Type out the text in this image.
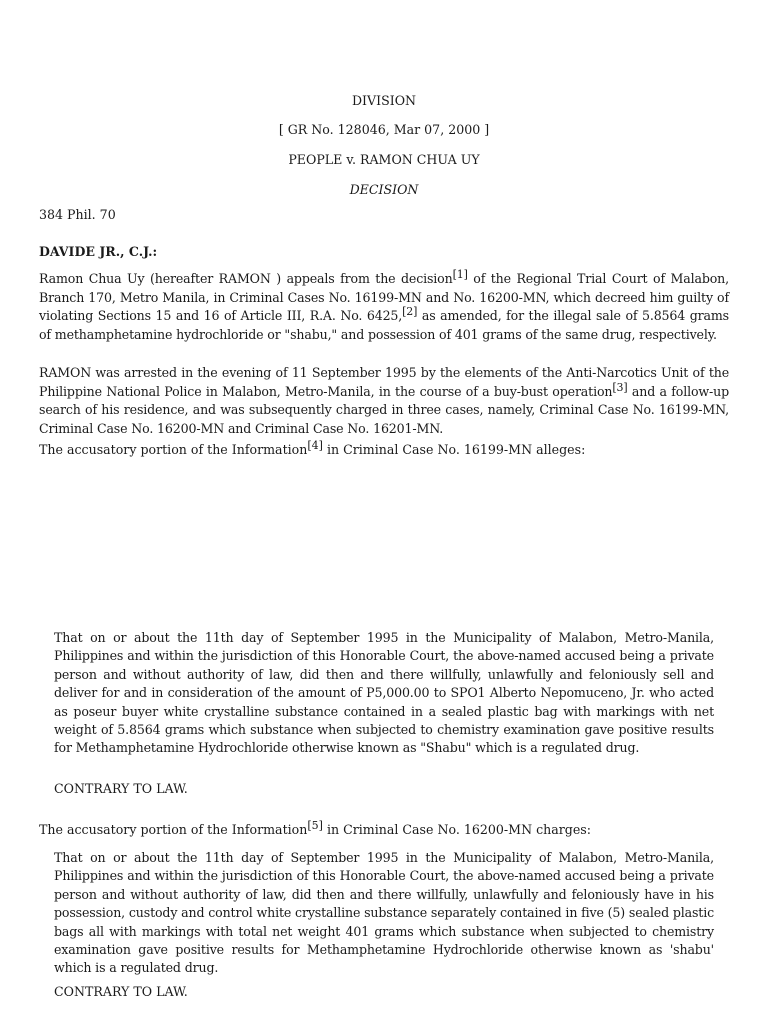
DIVISION
[ GR No. 128046, Mar 07, 2000 ]
PEOPLE v. RAMON CHUA UY
DECISION
384 Phil. 70
DAVIDE JR., C.J.:
Ramon Chua Uy (hereafter RAMON ) appeals from the decision[1] of the Regional Trial Court of Malabon, Branch 170, Metro Manila, in Criminal Cases No. 16199-MN and No. 16200-MN, which decreed him guilty of violating Sections 15 and 16 of Article III, R.A. No. 6425,[2] as amended, for the illegal sale of 5.8564 grams of methamphetamine hydrochloride or "shabu," and possession of 401 grams of the same drug, respectively.
RAMON was arrested in the evening of 11 September 1995 by the elements of the Anti-Narcotics Unit of the Philippine National Police in Malabon, Metro-Manila, in the course of a buy-bust operation[3] and a follow-up search of his residence, and was subsequently charged in three cases, namely, Criminal Case No. 16199-MN, Criminal Case No. 16200-MN and Criminal Case No. 16201-MN.
The accusatory portion of the Information[4] in Criminal Case No. 16199-MN alleges:
That on or about the 11th day of September 1995 in the Municipality of Malabon, Metro-Manila, Philippines and within the jurisdiction of this Honorable Court, the above-named accused being a private person and without authority of law, did then and there willfully, unlawfully and feloniously sell and deliver for and in consideration of the amount of P5,000.00 to SPO1 Alberto Nepomuceno, Jr. who acted as poseur buyer white crystalline substance contained in a sealed plastic bag with markings with net weight of 5.8564 grams which substance when subjected to chemistry examination gave positive results for Methamphetamine Hydrochloride otherwise known as "Shabu" which is a regulated drug.
CONTRARY TO LAW.
The accusatory portion of the Information[5] in Criminal Case No. 16200-MN charges:
That on or about the 11th day of September 1995 in the Municipality of Malabon, Metro-Manila, Philippines and within the jurisdiction of this Honorable Court, the above-named accused being a private person and without authority of law, did then and there willfully, unlawfully and feloniously have in his possession, custody and control white crystalline substance separately contained in five (5) sealed plastic bags all with markings with total net weight 401 grams which substance when subjected to chemistry examination gave positive results for Methamphetamine Hydrochloride otherwise known as 'shabu' which is a regulated drug.
CONTRARY TO LAW.
